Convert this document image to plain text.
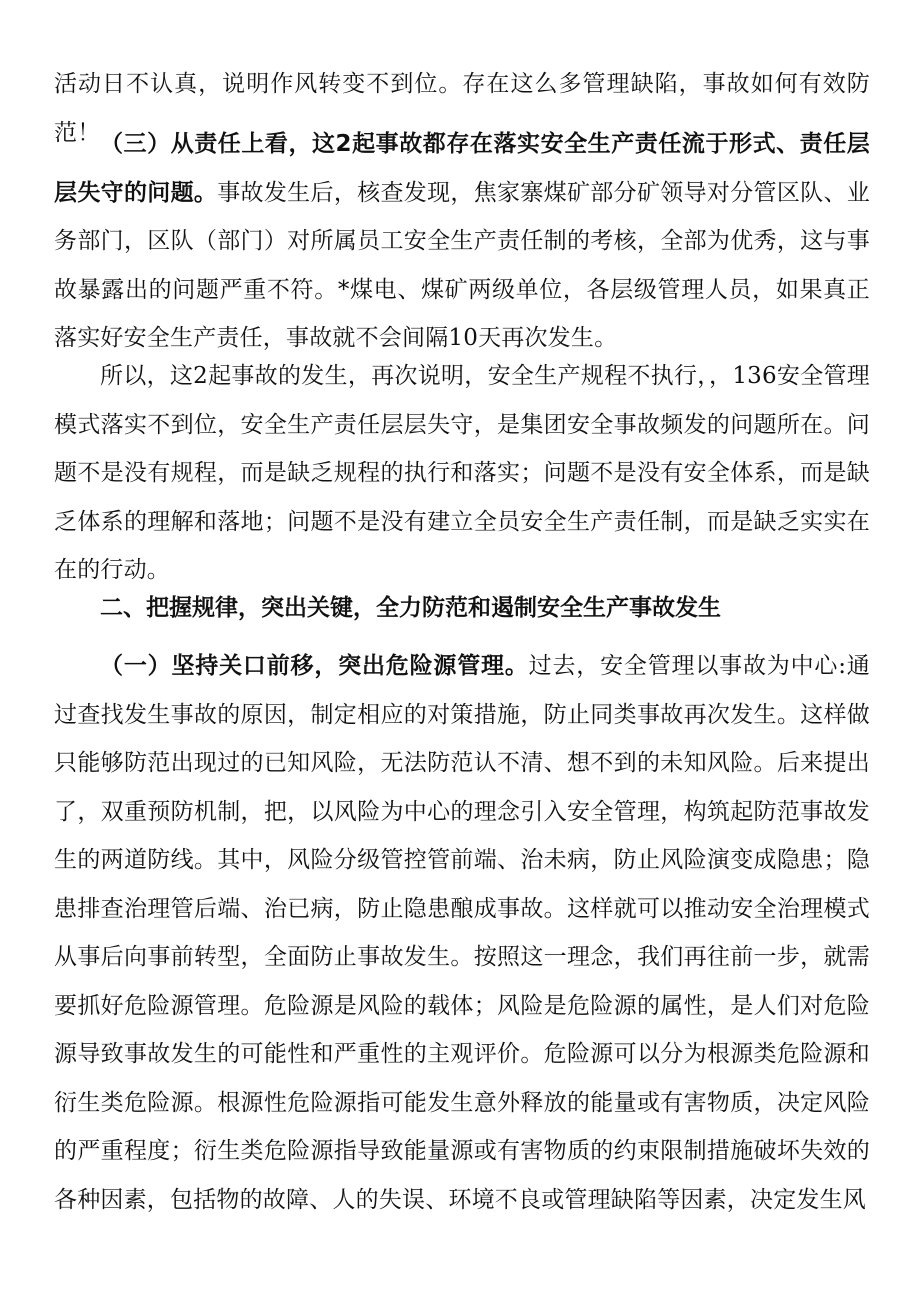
活动日不认真，说明作风转变不到位。存在这么多管理缺陷，事故如何有效防范！ （三）从责任上看，这2起事故都存在落实安全生产责任流于形式、责任层层失守的问题。事故发生后，核查发现，焦家寨煤矿部分矿领导对分管区队、业务部门，区队（部门）对所属员工安全生产责任制的考核，全部为优秀，这与事故暴露出的问题严重不符。*煤电、煤矿两级单位，各层级管理人员，如果真正落实好安全生产责任，事故就不会间隔10天再次发生。

所以，这2起事故的发生，再次说明，安全生产规程不执行，，136安全管理模式落实不到位，安全生产责任层层失守，是集团安全事故频发的问题所在。问题不是没有规程，而是缺乏规程的执行和落实；问题不是没有安全体系，而是缺乏体系的理解和落地；问题不是没有建立全员安全生产责任制，而是缺乏实实在在的行动。

二、把握规律，突出关键，全力防范和遏制安全生产事故发生

（一）坚持关口前移，突出危险源管理。过去，安全管理以事故为中心:通过查找发生事故的原因，制定相应的对策措施，防止同类事故再次发生。这样做只能够防范出现过的已知风险，无法防范认不清、想不到的未知风险。后来提出了，双重预防机制，把，以风险为中心的理念引入安全管理，构筑起防范事故发生的两道防线。其中，风险分级管控管前端、治未病，防止风险演变成隐患；隐患排查治理管后端、治已病，防止隐患酿成事故。这样就可以推动安全治理模式从事后向事前转型，全面防止事故发生。按照这一理念，我们再往前一步，就需要抓好危险源管理。危险源是风险的载体；风险是危险源的属性，是人们对危险源导致事故发生的可能性和严重性的主观评价。危险源可以分为根源类危险源和衍生类危险源。根源性危险源指可能发生意外释放的能量或有害物质，决定风险的严重程度；衍生类危险源指导致能量源或有害物质的约束限制措施破坏失效的各种因素，包括物的故障、人的失误、环境不良或管理缺陷等因素，决定发生风
